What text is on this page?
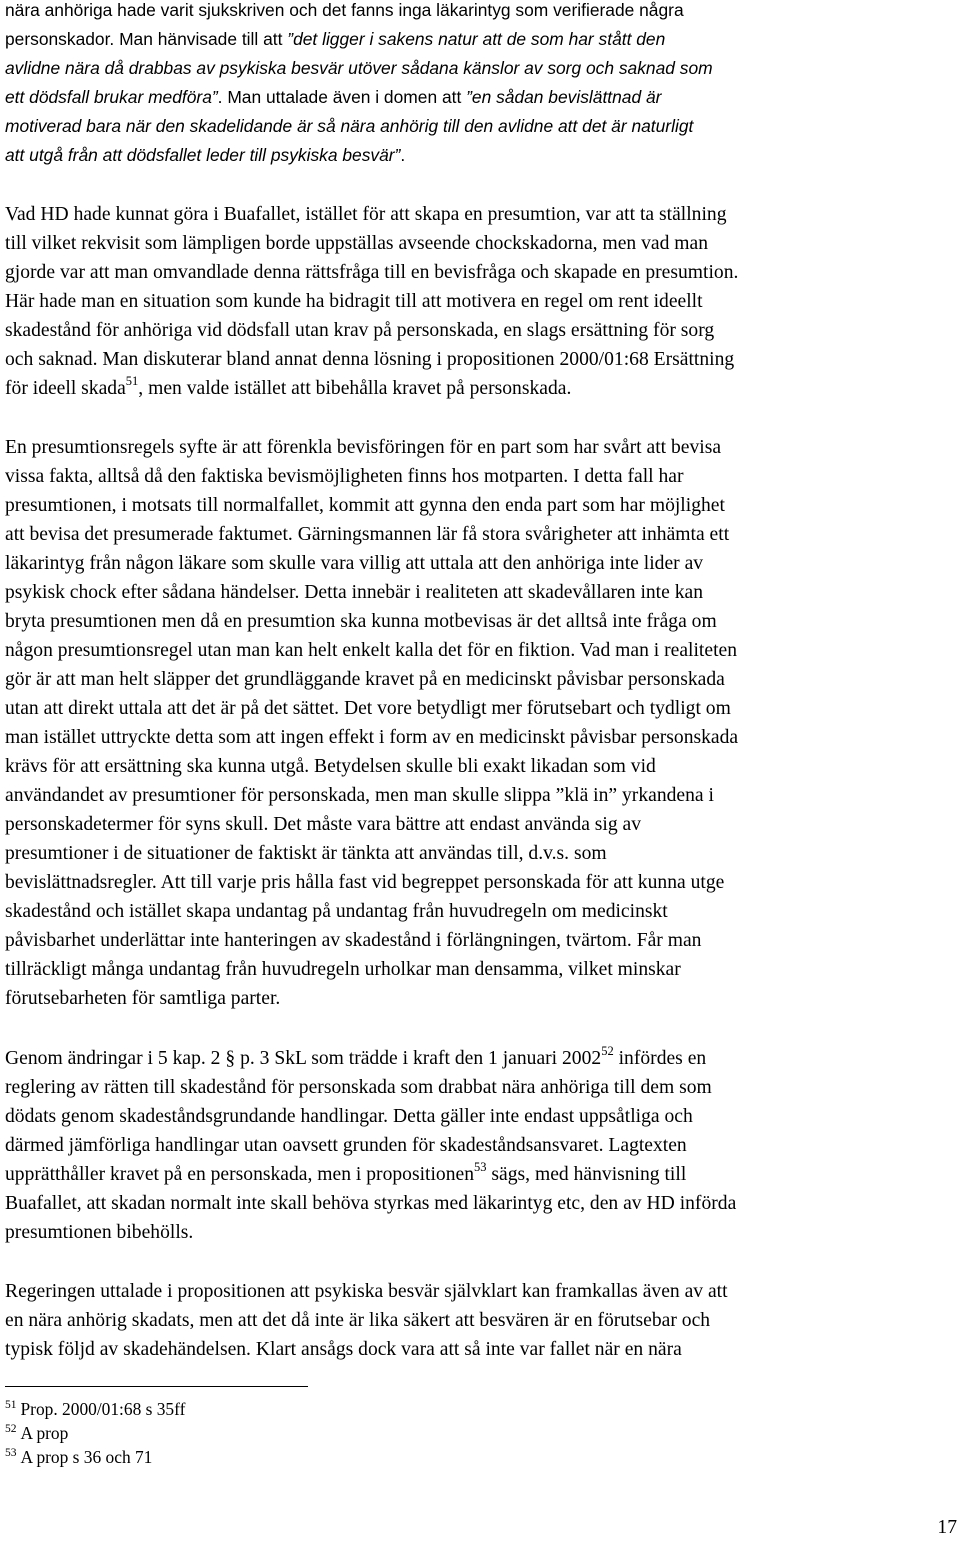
nära anhöriga hade varit sjukskriven och det fanns inga läkarintyg som verifierade några
personskador. Man hänvisade till att ”det ligger i sakens natur att de som har stått den
avlidne nära då drabbas av psykiska besvär utöver sådana känslor av sorg och saknad som
ett dödsfall brukar medföra”. Man uttalade även i domen att ”en sådan bevislättnad är
motiverad bara när den skadelidande är så nära anhörig till den avlidne att det är naturligt
att utgå från att dödsfallet leder till psykiska besvär”.
Vad HD hade kunnat göra i Buafallet, istället för att skapa en presumtion, var att ta ställning
till vilket rekvisit som lämpligen borde uppställas avseende chockskadorna, men vad man
gjorde var att man omvandlade denna rättsfråga till en bevisfråga och skapade en presumtion.
Här hade man en situation som kunde ha bidragit till att motivera en regel om rent ideellt
skadestånd för anhöriga vid dödsfall utan krav på personskada, en slags ersättning för sorg
och saknad. Man diskuterar bland annat denna lösning i propositionen 2000/01:68 Ersättning
för ideell skada$^{51}$, men valde istället att bibehålla kravet på personskada.
En presumtionsregels syfte är att förenkla bevisföringen för en part som har svårt att bevisa
vissa fakta, alltså då den faktiska bevismöjligheten finns hos motparten. I detta fall har
presumtionen, i motsats till normalfallet, kommit att gynna den enda part som har möjlighet
att bevisa det presumerade faktumet. Gärningsmannen lär få stora svårigheter att inhämta ett
läkarintyg från någon läkare som skulle vara villig att uttala att den anhöriga inte lider av
psykisk chock efter sådana händelser. Detta innebär i realiteten att skadevållaren inte kan
bryta presumtionen men då en presumtion ska kunna motbevisas är det alltså inte fråga om
någon presumtionsregel utan man kan helt enkelt kalla det för en fiktion. Vad man i realiteten
gör är att man helt släpper det grundläggande kravet på en medicinskt påvisbar personskada
utan att direkt uttala att det är på det sättet. Det vore betydligt mer förutsebart och tydligt om
man istället uttryckte detta som att ingen effekt i form av en medicinskt påvisbar personskada
krävs för att ersättning ska kunna utgå. Betydelsen skulle bli exakt likadan som vid
användandet av presumtioner för personskada, men man skulle slippa ”klä in” yrkandena i
personskadetermer för syns skull. Det måste vara bättre att endast använda sig av
presumtioner i de situationer de faktiskt är tänkta att användas till, d.v.s. som
bevislättnadsregler. Att till varje pris hålla fast vid begreppet personskada för att kunna utge
skadestånd och istället skapa undantag på undantag från huvudregeln om medicinskt
påvisbarhet underlättar inte hanteringen av skadestånd i förlängningen, tvärtom. Får man
tillräckligt många undantag från huvudregeln urholkar man densamma, vilket minskar
förutsebarheten för samtliga parter.
Genom ändringar i 5 kap. 2 § p. 3 SkL som trädde i kraft den 1 januari 2002$^{52}$ infördes en
reglering av rätten till skadestånd för personskada som drabbat nära anhöriga till dem som
dödats genom skadeståndsgrundande handlingar. Detta gäller inte endast uppsåtliga och
därmed jämförliga handlingar utan oavsett grunden för skadeståndsansvaret. Lagtexten
upprätthåller kravet på en personskada, men i propositionen$^{53}$ sägs, med hänvisning till
Buafallet, att skadan normalt inte skall behöva styrkas med läkarintyg etc, den av HD införda
presumtionen bibehölls.
Regeringen uttalade i propositionen att psykiska besvär självklart kan framkallas även av att
en nära anhörig skadats, men att det då inte är lika säkert att besvären är en förutsebar och
typisk följd av skadehändelsen. Klart ansågs dock vara att så inte var fallet när en nära
$^{51}$ Prop. 2000/01:68 s 35ff
$^{52}$ A prop
$^{53}$ A prop s 36 och 71
17
